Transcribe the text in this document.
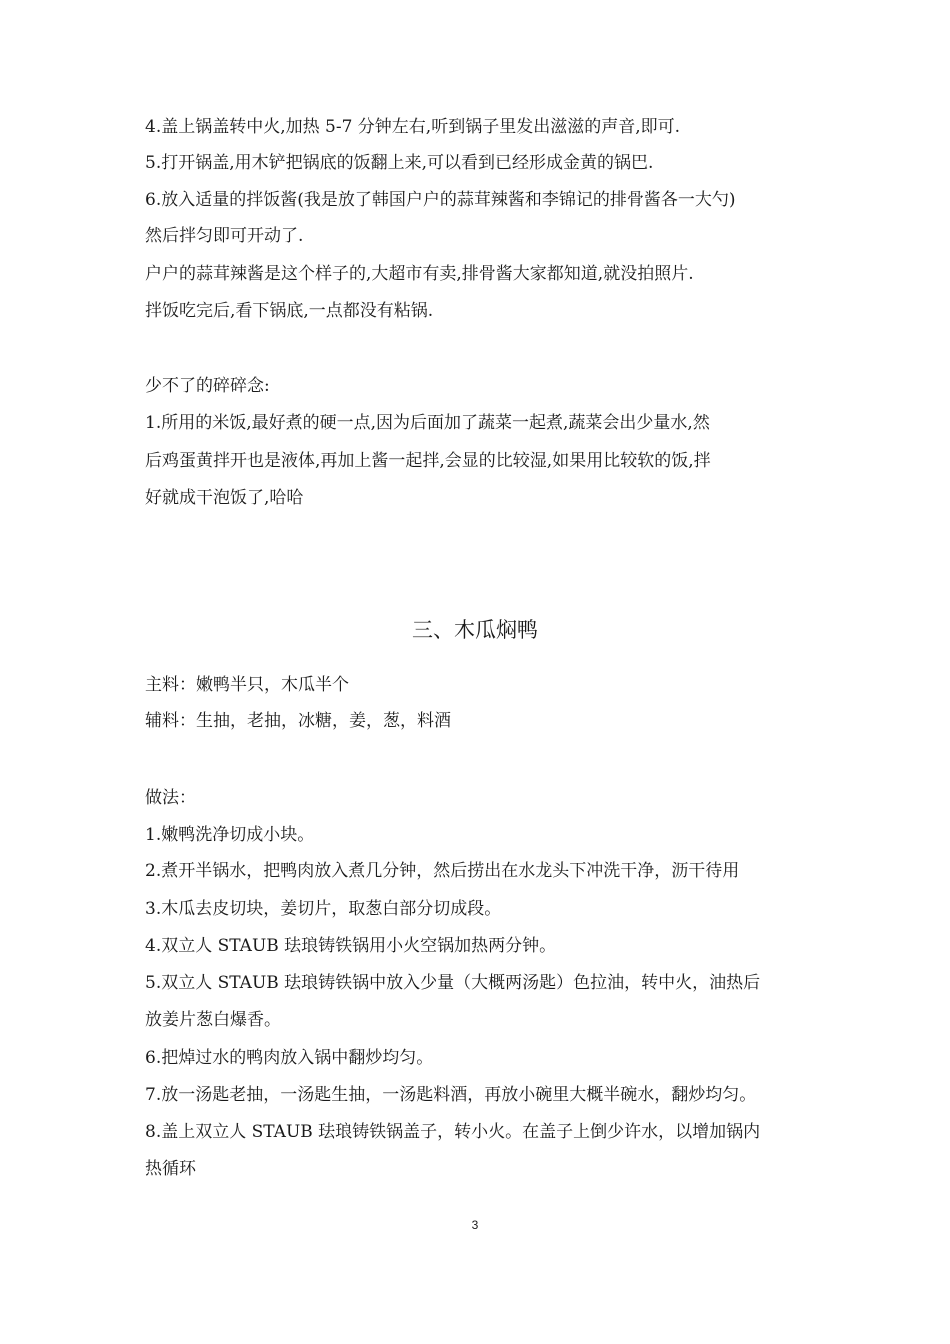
4.盖上锅盖转中火,加热 5-7 分钟左右,听到锅子里发出滋滋的声音,即可.
5.打开锅盖,用木铲把锅底的饭翻上来,可以看到已经形成金黄的锅巴.
6.放入适量的拌饭酱(我是放了韩国户户的蒜茸辣酱和李锦记的排骨酱各一大勺)
然后拌匀即可开动了.
户户的蒜茸辣酱是这个样子的,大超市有卖,排骨酱大家都知道,就没拍照片.
拌饭吃完后,看下锅底,一点都没有粘锅.
少不了的碎碎念:
1.所用的米饭,最好煮的硬一点,因为后面加了蔬菜一起煮,蔬菜会出少量水,然
后鸡蛋黄拌开也是液体,再加上酱一起拌,会显的比较湿,如果用比较软的饭,拌
好就成干泡饭了,哈哈
三、木瓜焖鸭
主料：嫩鸭半只，木瓜半个
辅料：生抽，老抽，冰糖，姜，葱，料酒
做法：
1.嫩鸭洗净切成小块。
2.煮开半锅水，把鸭肉放入煮几分钟，然后捞出在水龙头下冲洗干净，沥干待用
3.木瓜去皮切块，姜切片，取葱白部分切成段。
4.双立人 STAUB 珐琅铸铁锅用小火空锅加热两分钟。
5.双立人 STAUB 珐琅铸铁锅中放入少量（大概两汤匙）色拉油，转中火，油热后
放姜片葱白爆香。
6.把焯过水的鸭肉放入锅中翻炒均匀。
7.放一汤匙老抽，一汤匙生抽，一汤匙料酒，再放小碗里大概半碗水，翻炒均匀。
8.盖上双立人 STAUB 珐琅铸铁锅盖子，转小火。在盖子上倒少许水，以增加锅内
热循环
3
